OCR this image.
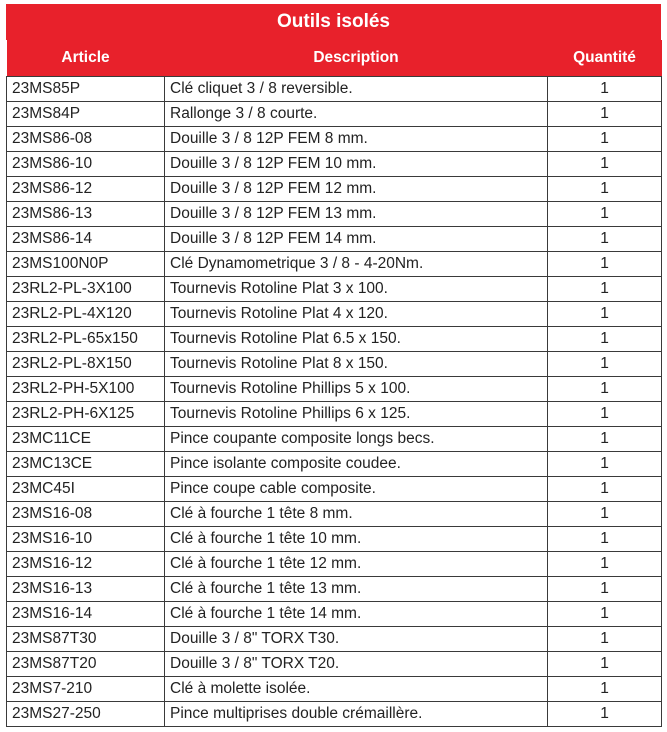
Outils isolés
Article	Description	Quantité
23MS85P	Clé cliquet 3 / 8 reversible.	1
23MS84P	Rallonge 3 / 8 courte.	1
23MS86-08	Douille 3 / 8 12P FEM 8 mm.	1
23MS86-10	Douille 3 / 8 12P FEM 10 mm.	1
23MS86-12	Douille 3 / 8 12P FEM 12 mm.	1
23MS86-13	Douille 3 / 8 12P FEM 13 mm.	1
23MS86-14	Douille 3 / 8 12P FEM 14 mm.	1
23MS100N0P	Clé Dynamometrique 3 / 8 - 4-20Nm.	1
23RL2-PL-3X100	Tournevis Rotoline Plat 3 x 100.	1
23RL2-PL-4X120	Tournevis Rotoline Plat 4 x 120.	1
23RL2-PL-65x150	Tournevis Rotoline Plat 6.5 x 150.	1
23RL2-PL-8X150	Tournevis Rotoline Plat 8 x 150.	1
23RL2-PH-5X100	Tournevis Rotoline Phillips 5 x 100.	1
23RL2-PH-6X125	Tournevis Rotoline Phillips 6 x 125.	1
23MC11CE	Pince coupante composite longs becs.	1
23MC13CE	Pince isolante composite coudee.	1
23MC45I	Pince coupe cable composite.	1
23MS16-08	Clé à fourche 1 tête 8 mm.	1
23MS16-10	Clé à fourche 1 tête 10 mm.	1
23MS16-12	Clé à fourche 1 tête 12 mm.	1
23MS16-13	Clé à fourche 1 tête 13 mm.	1
23MS16-14	Clé à fourche 1 tête 14 mm.	1
23MS87T30	Douille 3 / 8" TORX T30.	1
23MS87T20	Douille 3 / 8" TORX T20.	1
23MS7-210	Clé à molette isolée.	1
23MS27-250	Pince multiprises double crémaillère.	1
